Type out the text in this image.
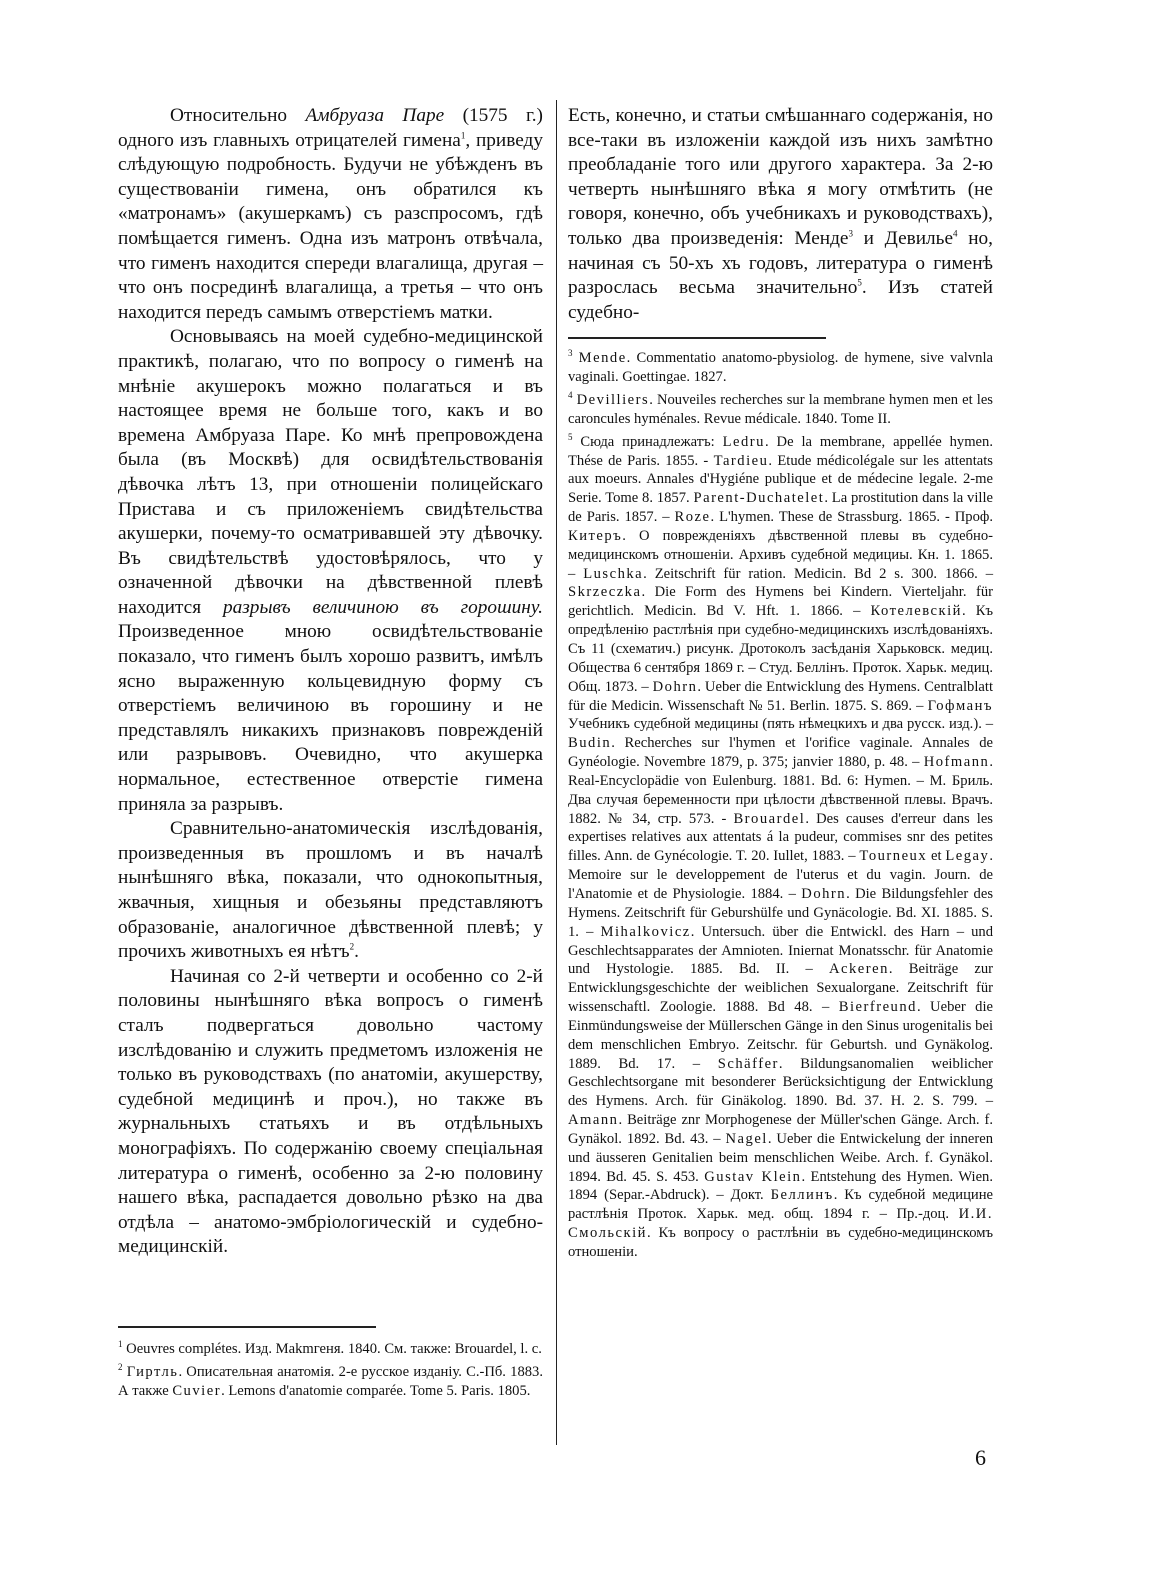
Относительно Амбруаза Паре (1575 г.) одного изъ главныхъ отрицателей гимена$^1$, приведу слѣдующую подробность. Будучи не убѣжденъ въ существованіи гимена, онъ обратился къ «матронамъ» (акушеркамъ) съ разспросомъ, гдѣ помѣщается гименъ. Одна изъ матронъ отвѣчала, что гименъ находится спереди влагалища, другая – что онъ посрединѣ влагалища, а третья – что онъ находится передъ самымъ отверстіемъ матки.

Основываясь на моей судебно-медицинской практикѣ, полагаю, что по вопросу о гименѣ на мнѣніе акушерокъ можно полагаться и въ настоящее время не больше того, какъ и во времена Амбруаза Паре. Ко мнѣ препровождена была (въ Москвѣ) для освидѣтельствованія дѣвочка лѣтъ 13, при отношеніи полицейскаго Пристава и съ приложеніемъ свидѣтельства акушерки, почему-то осматривавшей эту дѣвочку. Въ свидѣтельствѣ удостовѣрялось, что у означенной дѣвочки на дѣвственной плевѣ находится разрывъ величиною въ горошину. Произведенное мною освидѣтельствованіе показало, что гименъ былъ хорошо развитъ, имѣлъ ясно выраженную кольцевидную форму съ отверстіемъ величиною въ горошину и не представлялъ никакихъ признаковъ поврежденій или разрывовъ. Очевидно, что акушерка нормальное, естественное отверстіе гимена приняла за разрывъ.

Сравнительно-анатомическія изслѣдованія, произведенныя въ прошломъ и въ началѣ нынѣшняго вѣка, показали, что однокопытныя, жвачныя, хищныя и обезьяны представляютъ образованіе, аналогичное дѣвственной плевѣ; у прочихъ животныхъ ея нѣтъ$^2$.

Начиная со 2-й четверти и особенно со 2-й половины нынѣшняго вѣка вопросъ о гименѣ сталъ подвергаться довольно частому изслѣдованію и служить предметомъ изложенія не только въ руководствахъ (по анатоміи, акушерству, судебной медицинѣ и проч.), но также въ журнальныхъ статьяхъ и въ отдѣльныхъ монографіяхъ. По содержанію своему спеціальная литература о гименѣ, особенно за 2-ю половину нашего вѣка, распадается довольно рѣзко на два отдѣла – анатомо-эмбріологическій и судебно-медицинскій.

$^1$ Oeuvres complétes. Изд. Makmгеня. 1840. См. также: Brouardel, l. c.

$^2$ Гиртль. Описательная анатомія. 2-е русское изданіу. С.-Пб. 1883. А также Cuvier. Lemons d'anatomie comparée. Tome 5. Paris. 1805.

Есть, конечно, и статьи смѣшаннаго содержанія, но все-таки въ изложеніи каждой изъ нихъ замѣтно преобладаніе того или другого характера. За 2-ю четверть нынѣшняго вѣка я могу отмѣтить (не говоря, конечно, объ учебникахъ и руководствахъ), только два произведенія: Менде$^3$ и Девилье$^4$ но, начиная съ 50-хъ хъ годовъ, литература о гименѣ разрослась весьма значительно$^5$. Изъ статей судебно-

$^3$ Mende. Commentatio anatomo-pbysiolog. de hymene, sive valvnla vaginali. Goettingae. 1827.

$^4$ Devilliers. Nouveiles recherches sur la membrane hymen men et les caroncules hyménales. Revue médicale. 1840. Tome II.

$^5$ Сюда принадлежатъ: Ledru. De la membrane, appellée hymen. Thése de Paris. 1855. - Tardieu. Etude médicolégale sur les attentats aux moeurs. Annales d'Hygiéne publique et de médecine legale. 2-me Serie. Tome 8. 1857. Parent-Duchatelet. La prostitution dans la ville de Paris. 1857. – Roze. L'hymen. These de Strassburg. 1865. - Проф. Китеръ. О поврежденіяхъ дѣвственной плевы въ судебно-медицинскомъ отношеніи. Архивъ судебной медициы. Кн. 1. 1865. – Luschka. Zeitschrift für ration. Medicin. Bd 2 s. 300. 1866. – Skrzeczka. Die Form des Hymens bei Kindern. Vierteljahr. für gerichtlich. Medicin. Bd V. Hft. 1. 1866. – Котелевскій. Къ опредѣленію растлѣнія при судебно-медицинскихъ изслѣдованіяхъ. Съ 11 (схематич.) рисунк. Дротоколъ засѣданія Харьковск. медиц. Общества 6 сентября 1869 г. – Студ. Беллінъ. Проток. Харьк. медиц. Общ. 1873. – Dohrn. Ueber die Entwicklung des Hymens. Centralblatt für die Medicin. Wissenschaft № 51. Berlin. 1875. S. 869. – Гофманъ Учебникъ судебной медицины (пять нѣмецкихъ и два русск. изд.). – Budin. Recherches sur l'hymen et l'orifice vaginale. Annales de Gynéologie. Novembre 1879, p. 375; janvier 1880, p. 48. – Hofmann. Real-Encyclopädie von Eulenburg. 1881. Bd. 6: Hymen. – М. Бриль. Два случая беременности при цѣлости дѣвственной плевы. Врачъ. 1882. № 34, стр. 573. - Brouardel. Des causes d'erreur dans les expertises relatives aux attentats á la pudeur, commises snr des petites filles. Ann. de Gynécologie. T. 20. Iullet, 1883. – Tourneux et Legay. Memoire sur le developpement de l'uterus et du vagin. Journ. de l'Anatomie et de Physiologie. 1884. – Dohrn. Die Bildungsfehler des Hymens. Zeitschrift für Geburshülfe und Gynäcologie. Bd. XI. 1885. S. 1. – Mihalkovicz. Untersuch. über die Entwickl. des Harn – und Geschlechtsapparates der Amnioten. Iniernat Monatsschr. für Anatomie und Hystologie. 1885. Bd. II. – Ackeren. Beiträge zur Entwicklungsgeschichte der weiblichen Sexualorgane. Zeitschrift für wissenschaftl. Zoologie. 1888. Bd 48. – Bierfreund. Ueber die Einmündungsweise der Müllerschen Gänge in den Sinus urogenitalis bei dem menschlichen Embryo. Zeitschr. für Geburtsh. und Gynäkolog. 1889. Bd. 17. – Schäffer. Bildungsanomalien weiblicher Geschlechtsorgane mit besonderer Berücksichtigung der Entwicklung des Hymens. Arch. für Ginäkolog. 1890. Bd. 37. H. 2. S. 799. – Amann. Beiträge znr Morphogenese der Müller'schen Gänge. Arch. f. Gynäkol. 1892. Bd. 43. – Nagel. Ueber die Entwickelung der inneren und äusseren Genitalien beim menschlichen Weibe. Arch. f. Gynäkol. 1894. Bd. 45. S. 453. Gustav Klein. Entstehung des Hymen. Wien. 1894 (Separ.-Abdruck). – Докт. Беллинъ. Къ судебной медицине растлѣнія Проток. Харьк. мед. общ. 1894 г. – Пр.-доц. И.И. Смольскій. Къ вопросу о растлѣніи въ судебно-медицинскомъ отношеніи.

6
